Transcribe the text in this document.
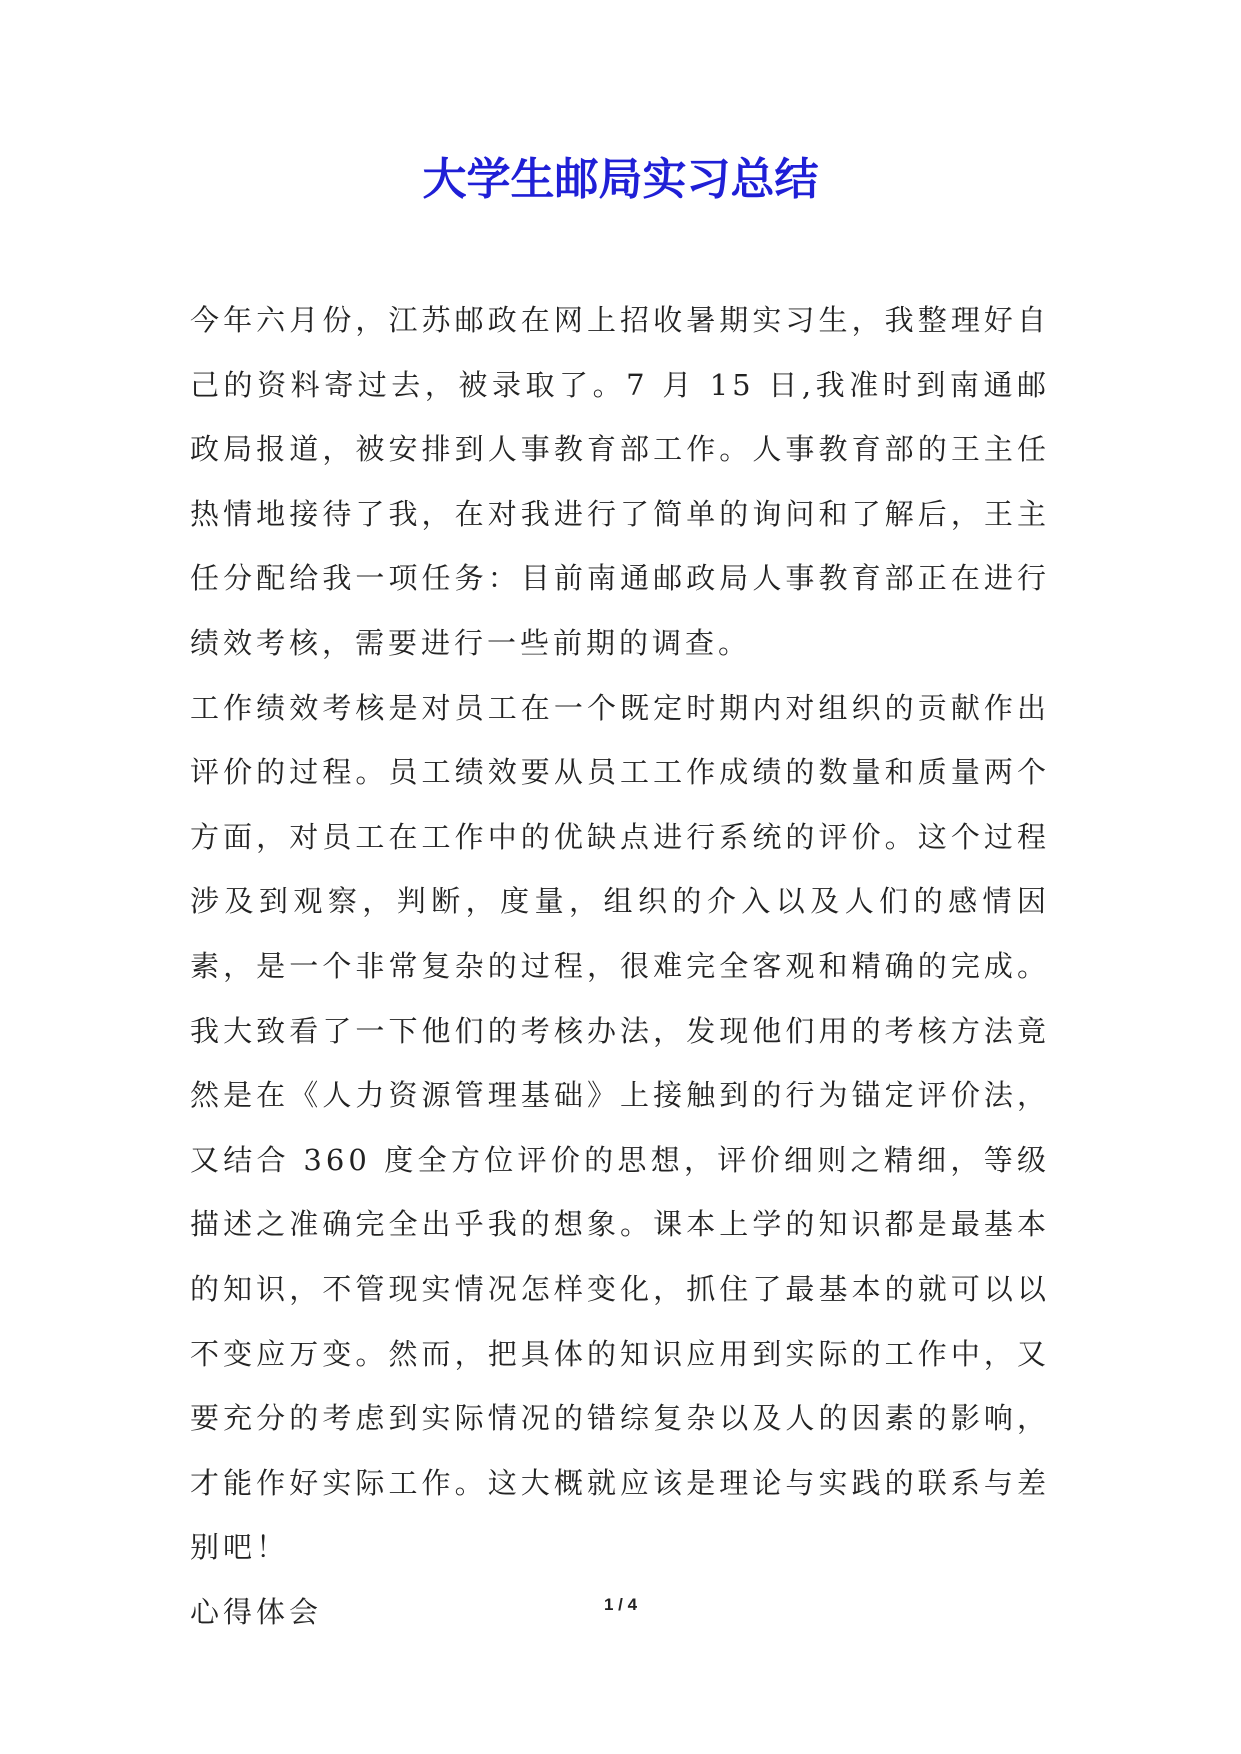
大学生邮局实习总结

今年六月份，江苏邮政在网上招收暑期实习生，我整理好自己的资料寄过去，被录取了。7 月 15 日,我准时到南通邮政局报道，被安排到人事教育部工作。人事教育部的王主任热情地接待了我，在对我进行了简单的询问和了解后，王主任分配给我一项任务：目前南通邮政局人事教育部正在进行绩效考核，需要进行一些前期的调查。

工作绩效考核是对员工在一个既定时期内对组织的贡献作出评价的过程。员工绩效要从员工工作成绩的数量和质量两个方面，对员工在工作中的优缺点进行系统的评价。这个过程涉及到观察，判断，度量，组织的介入以及人们的感情因素，是一个非常复杂的过程，很难完全客观和精确的完成。我大致看了一下他们的考核办法，发现他们用的考核方法竟然是在《人力资源管理基础》上接触到的行为锚定评价法，又结合 360 度全方位评价的思想，评价细则之精细，等级描述之准确完全出乎我的想象。课本上学的知识都是最基本的知识，不管现实情况怎样变化，抓住了最基本的就可以以不变应万变。然而，把具体的知识应用到实际的工作中，又要充分的考虑到实际情况的错综复杂以及人的因素的影响，才能作好实际工作。这大概就应该是理论与实践的联系与差别吧！

心得体会	1 / 4
